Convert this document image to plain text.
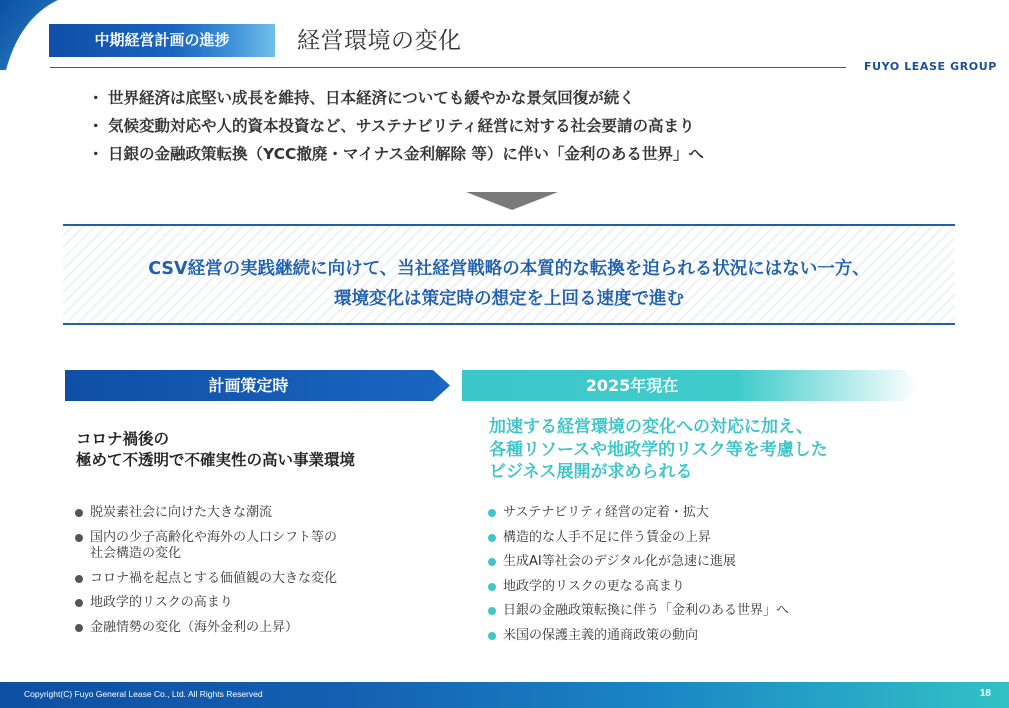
中期経営計画の進捗	経営環境の変化
FUYO LEASE GROUP
・ 世界経済は底堅い成長を維持、日本経済についても緩やかな景気回復が続く
・ 気候変動対応や人的資本投資など、サステナビリティ経営に対する社会要請の高まり
・ 日銀の金融政策転換（YCC撤廃・マイナス金利解除 等）に伴い「金利のある世界」へ
CSV経営の実践継続に向けて、当社経営戦略の本質的な転換を迫られる状況にはない一方、
環境変化は策定時の想定を上回る速度で進む
計画策定時	2025年現在
コロナ禍後の
極めて不透明で不確実性の高い事業環境
加速する経営環境の変化への対応に加え、
各種リソースや地政学的リスク等を考慮した
ビジネス展開が求められる
脱炭素社会に向けた大きな潮流
国内の少子高齢化や海外の人口シフト等の
社会構造の変化
コロナ禍を起点とする価値観の大きな変化
地政学的リスクの高まり
金融情勢の変化（海外金利の上昇）
サステナビリティ経営の定着・拡大
構造的な人手不足に伴う賃金の上昇
生成AI等社会のデジタル化が急速に進展
地政学的リスクの更なる高まり
日銀の金融政策転換に伴う「金利のある世界」へ
米国の保護主義的通商政策の動向
Copyright(C) Fuyo General Lease Co., Ltd. All Rights Reserved	18
